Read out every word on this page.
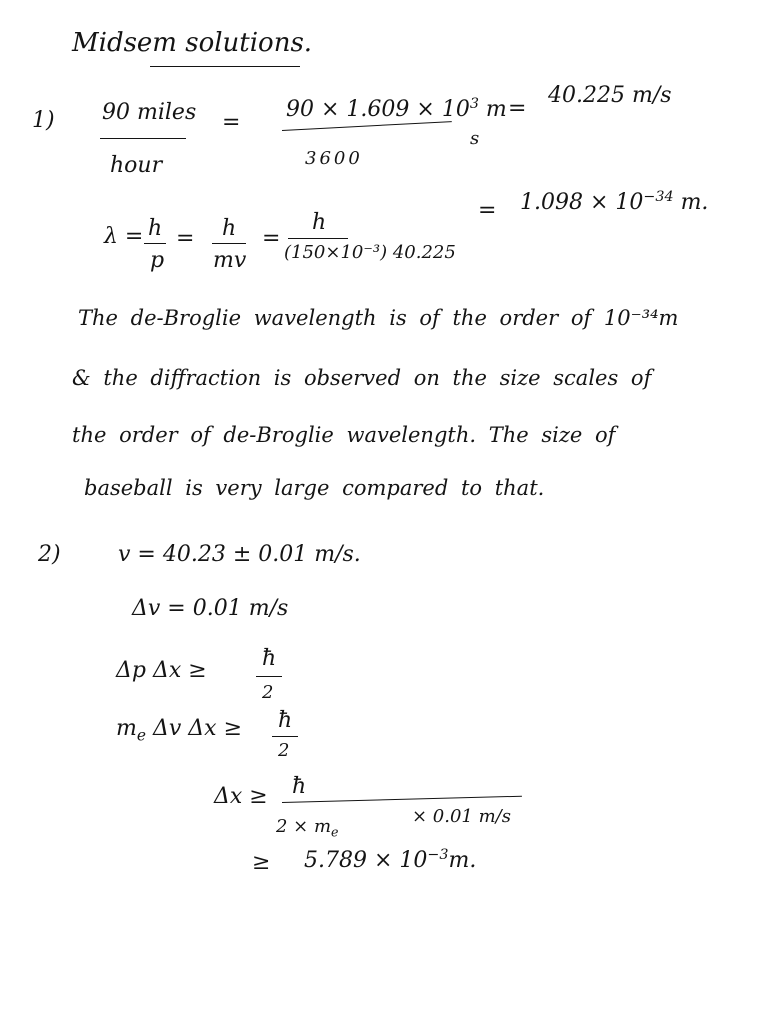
Midsem solutions.
1) 90 miles
hour
=
$90 \times 1.609 \times 10^3$ m
s
3600
=
40.225 m/s
λ = h
p
= h
mv
=
h
(150×10⁻³) 40.225
= $1.098 \times 10^{-34}$ m.
The de-Broglie wavelength is of the order of 10⁻³⁴m
& the diffraction is observed on the size scales of
the order of de-Broglie wavelength. The size of
baseball is very large compared to that.
2)	v = 40.23 ± 0.01 m/s.
Δv = 0.01 m/s
Δp Δx ≥	ħ
2
$m_e$ Δv Δx ≥ ħ
2
Δx ≥ ħ
$2 \times m_e$
× 0.01 m/s
≥ $5.789 \times 10^{-3}m$.
